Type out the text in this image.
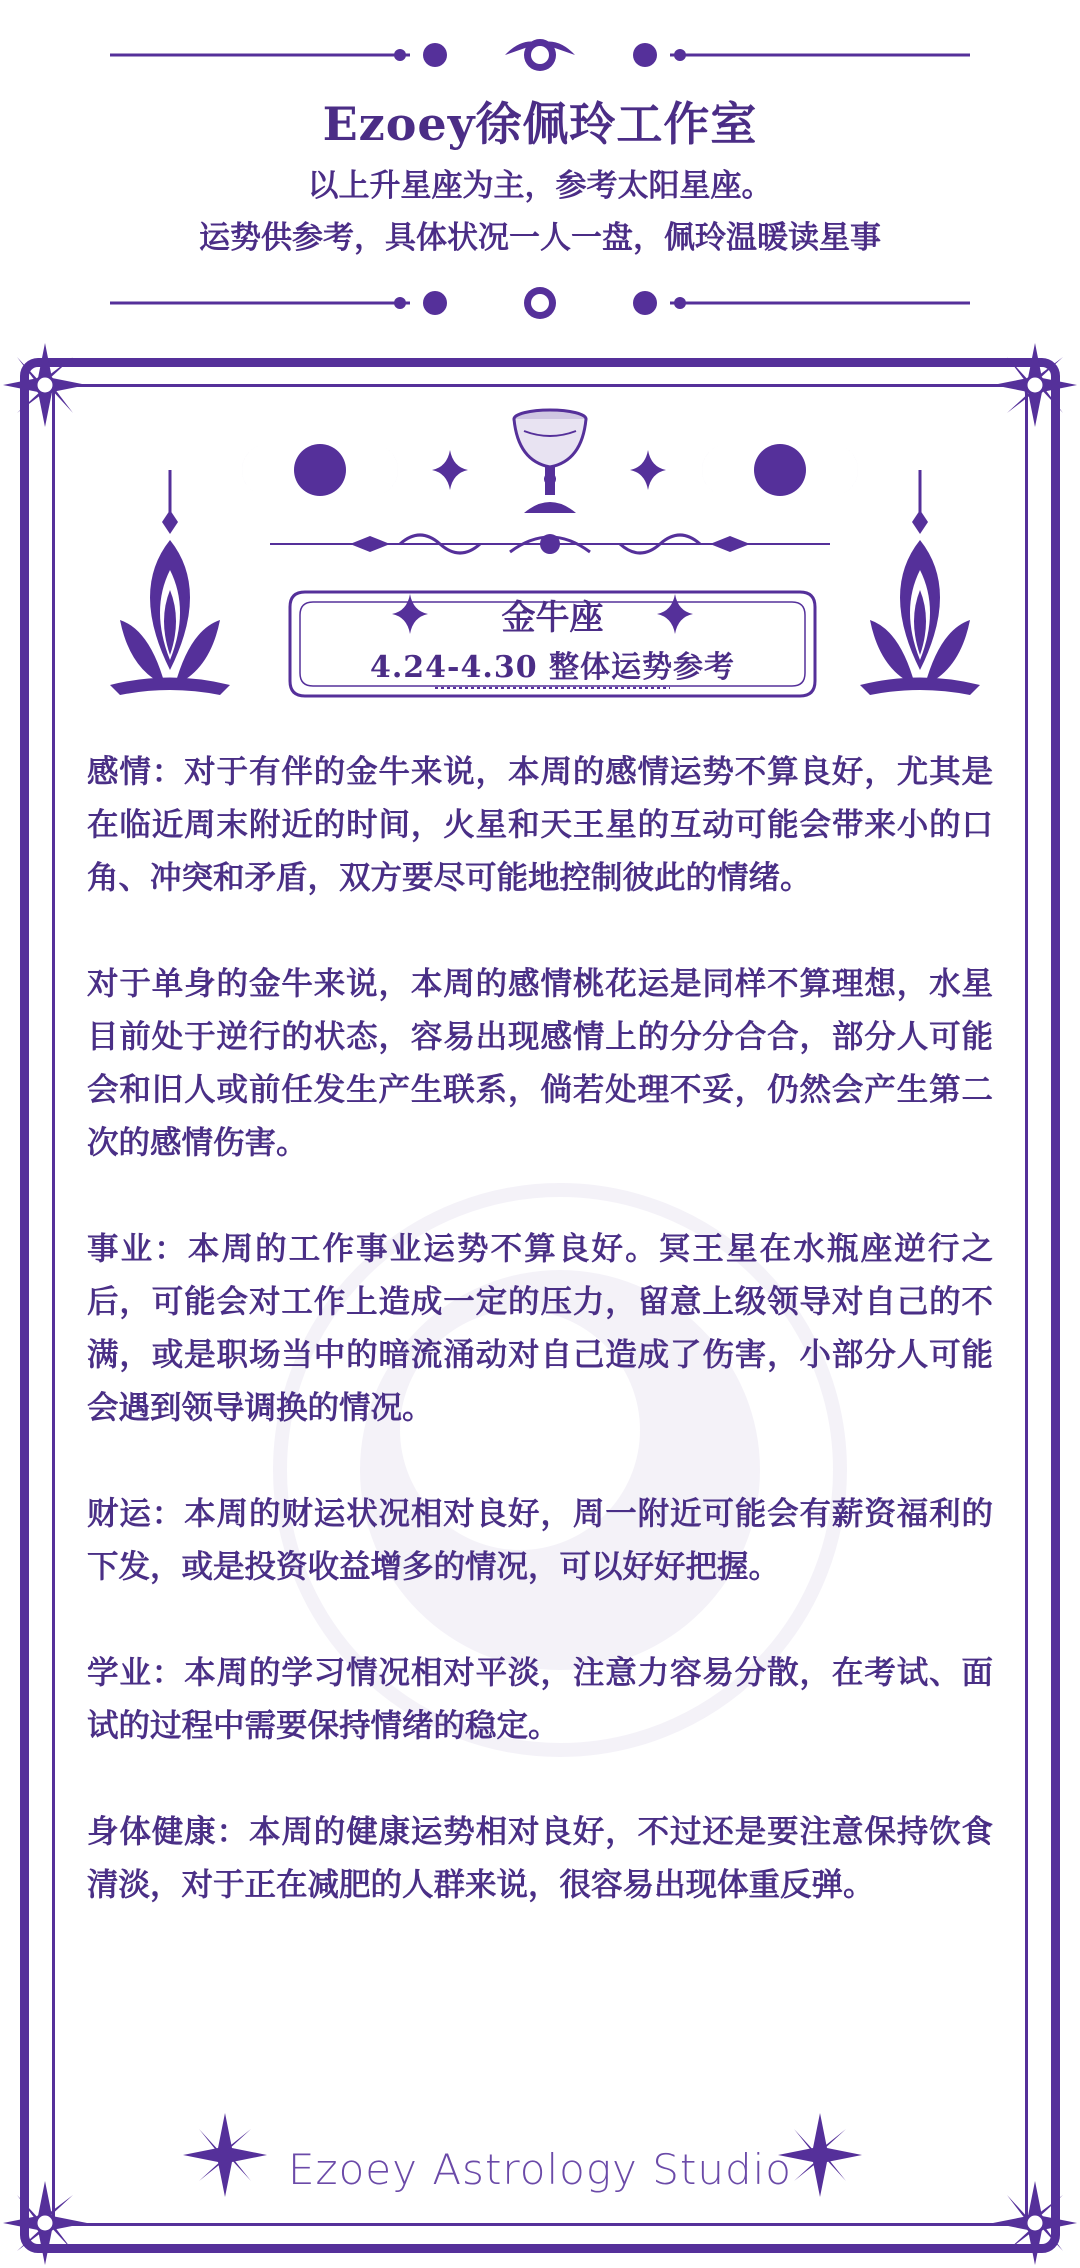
Ezoey徐佩玲工作室
以上升星座为主，参考太阳星座。
运势供参考，具体状况一人一盘，佩玲温暖读星事
金牛座
4.24-4.30 整体运势参考

感情：对于有伴的金牛来说，本周的感情运势不算良好，尤其是在临近周末附近的时间，火星和天王星的互动可能会带来小的口角、冲突和矛盾，双方要尽可能地控制彼此的情绪。

对于单身的金牛来说，本周的感情桃花运是同样不算理想，水星目前处于逆行的状态，容易出现感情上的分分合合，部分人可能会和旧人或前任发生产生联系，倘若处理不妥，仍然会产生第二次的感情伤害。

事业：本周的工作事业运势不算良好。冥王星在水瓶座逆行之后，可能会对工作上造成一定的压力，留意上级领导对自己的不满，或是职场当中的暗流涌动对自己造成了伤害，小部分人可能会遇到领导调换的情况。

财运：本周的财运状况相对良好，周一附近可能会有薪资福利的下发，或是投资收益增多的情况，可以好好把握。

学业：本周的学习情况相对平淡，注意力容易分散，在考试、面试的过程中需要保持情绪的稳定。

身体健康：本周的健康运势相对良好，不过还是要注意保持饮食清淡，对于正在减肥的人群来说，很容易出现体重反弹。

Ezoey Astrology Studio
